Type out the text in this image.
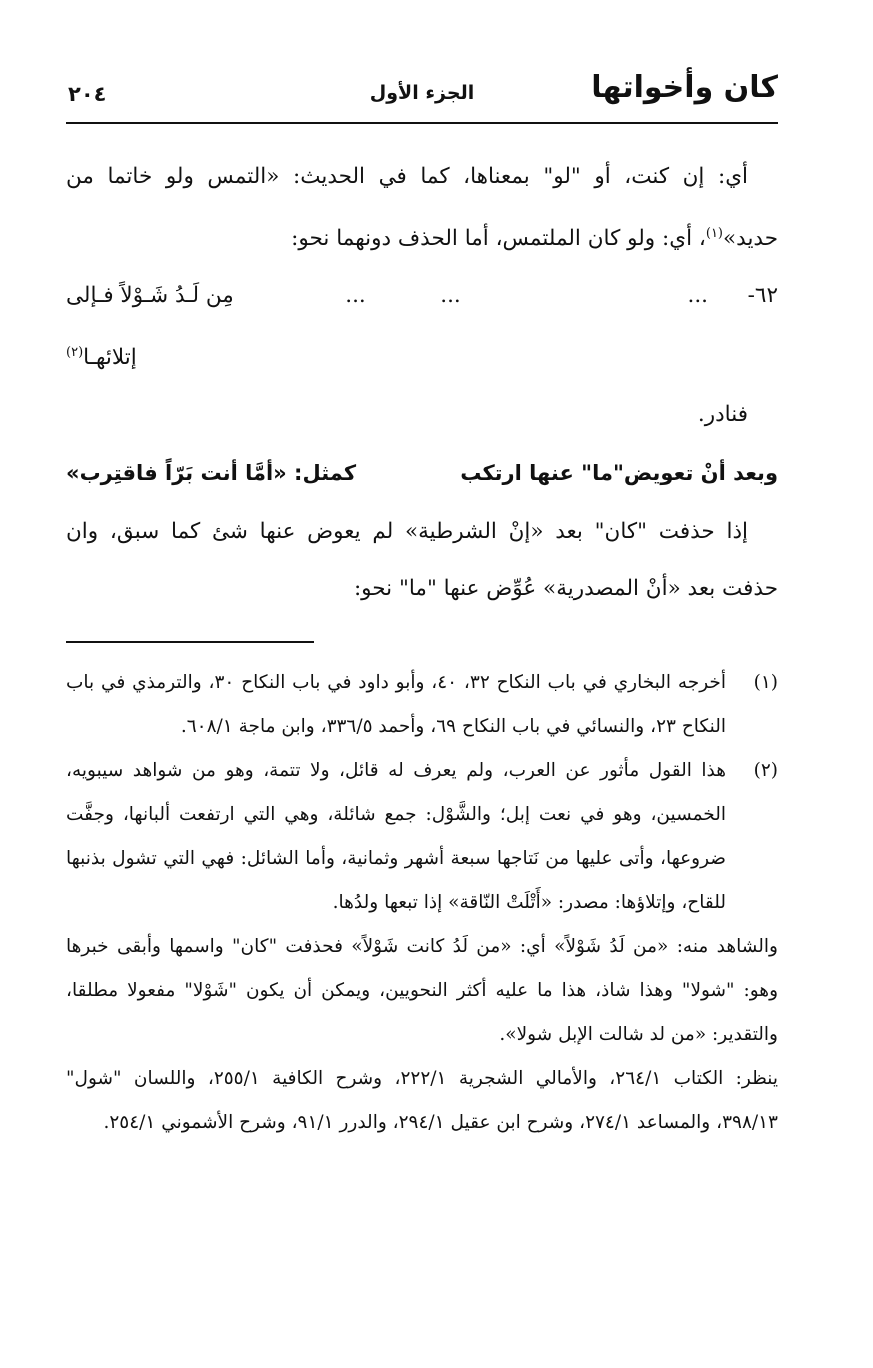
كان وأخواتها
الجزء الأول
٢٠٤

أي: إن كنت، أو "لو" بمعناها، كما في الحديث: «التمس ولو خاتما من حديد»$^{(١)}$، أي: ولو كان الملتمس، أما الحذف دونهما نحو:

٦٢-
...
...
...
مِن لَـدُ شَـوْلاً فـإلى إتلائهـا$^{(٢)}$

فنادر.

وبعد أنْ تعويض"ما" عنها ارتكب
كمثل: «أمَّا أنت بَرّاً فاقتِرب»

إذا حذفت "كان" بعد «إنْ الشرطية» لم يعوض عنها شئ كما سبق، وان حذفت بعد «أنْ المصدرية» عُوِّض عنها "ما" نحو:

(١)
أخرجه البخاري في باب النكاح ٣٢، ٤٠، وأبو داود في باب النكاح ٣٠، والترمذي في باب النكاح ٢٣، والنسائي في باب النكاح ٦٩، وأحمد ٣٣٦/٥، وابن ماجة ٦٠٨/١.
(٢)
هذا القول مأثور عن العرب، ولم يعرف له قائل، ولا تتمة، وهو من شواهد سيبويه، الخمسين، وهو في نعت إبل؛ والشَّوْل: جمع شائلة، وهي التي ارتفعت ألبانها، وجفَّت ضروعها، وأتى عليها من نَتاجها سبعة أشهر وثمانية، وأما الشائل: فهي التي تشول بذنبها للقاح، وإتلاؤها: مصدر: «أَتْلَتْ النّاقة» إذا تبعها ولدُها.

والشاهد منه: «من لَدُ شَوْلاً» أي: «من لَدُ كانت شَوْلاً» فحذفت "كان" واسمها وأبقى خبرها وهو: "شولا" وهذا شاذ، هذا ما عليه أكثر النحويين، ويمكن أن يكون "شَوْلا" مفعولا مطلقا، والتقدير: «من لد شالت الإبل شولا».

ينظر: الكتاب ٢٦٤/١، والأمالي الشجرية ٢٢٢/١، وشرح الكافية ٢٥٥/١، واللسان "شول" ٣٩٨/١٣، والمساعد ٢٧٤/١، وشرح ابن عقيل ٢٩٤/١، والدرر ٩١/١، وشرح الأشموني ٢٥٤/١.
